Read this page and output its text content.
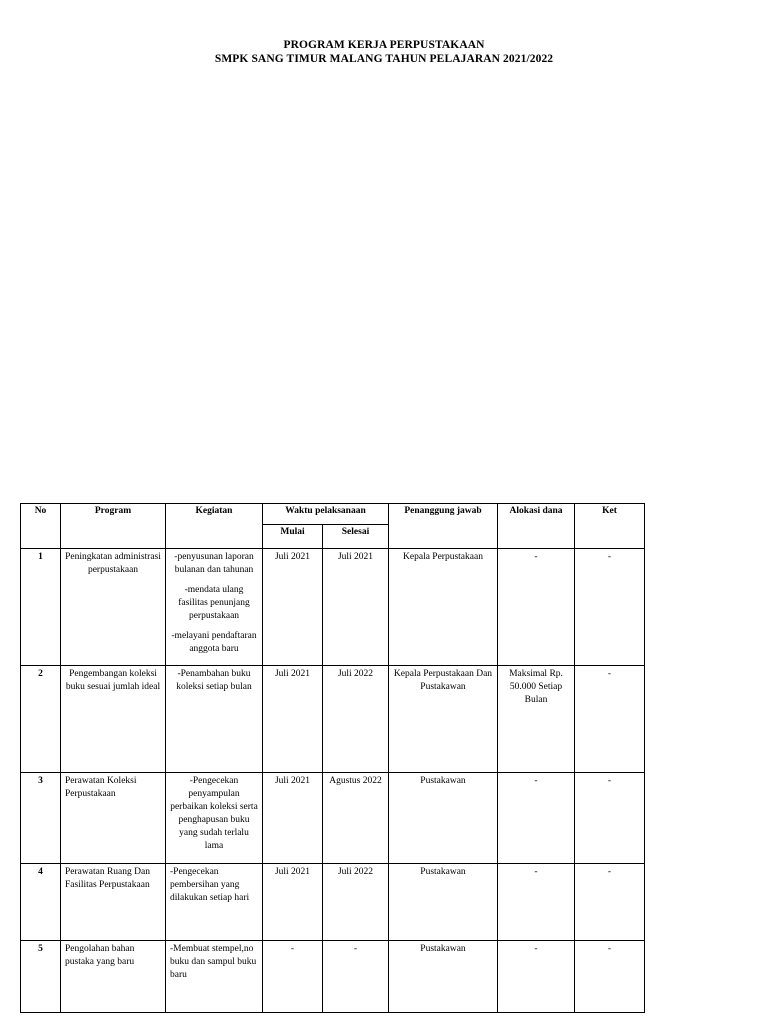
PROGRAM KERJA PERPUSTAKAAN
SMPK SANG TIMUR MALANG TAHUN PELAJARAN 2021/2022
No	Program	Kegiatan	Waktu pelaksanaan		Penanggung jawab	Alokasi dana	Ket
			Mulai	Selesai			
1	Peningkatan administrasi perpustakaan	-penyusunan laporan bulanan dan tahunan

-mendata ulang fasilitas penunjang perpustakaan

-melayani pendaftaran anggota baru	Juli 2021	Juli 2021	Kepala Perpustakaan	-	-
2	Pengembangan koleksi buku sesuai jumlah ideal	-Penambahan buku koleksi setiap bulan	Juli 2021	Juli 2022	Kepala Perpustakaan Dan Pustakawan	Maksimal Rp. 50.000 Setiap Bulan	-
3	Perawatan Koleksi Perpustakaan	-Pengecekan penyampulan perbaikan koleksi serta penghapusan buku yang sudah terlalu lama	Juli 2021	Agustus 2022	Pustakawan	-	-
4	Perawatan Ruang Dan Fasilitas Perpustakaan	-Pengecekan pembersihan yang dilakukan setiap hari	Juli 2021	Juli 2022	Pustakawan	-	-
5	Pengolahan bahan pustaka yang baru	-Membuat stempel,no buku dan sampul buku baru	-	-	Pustakawan	-	-
